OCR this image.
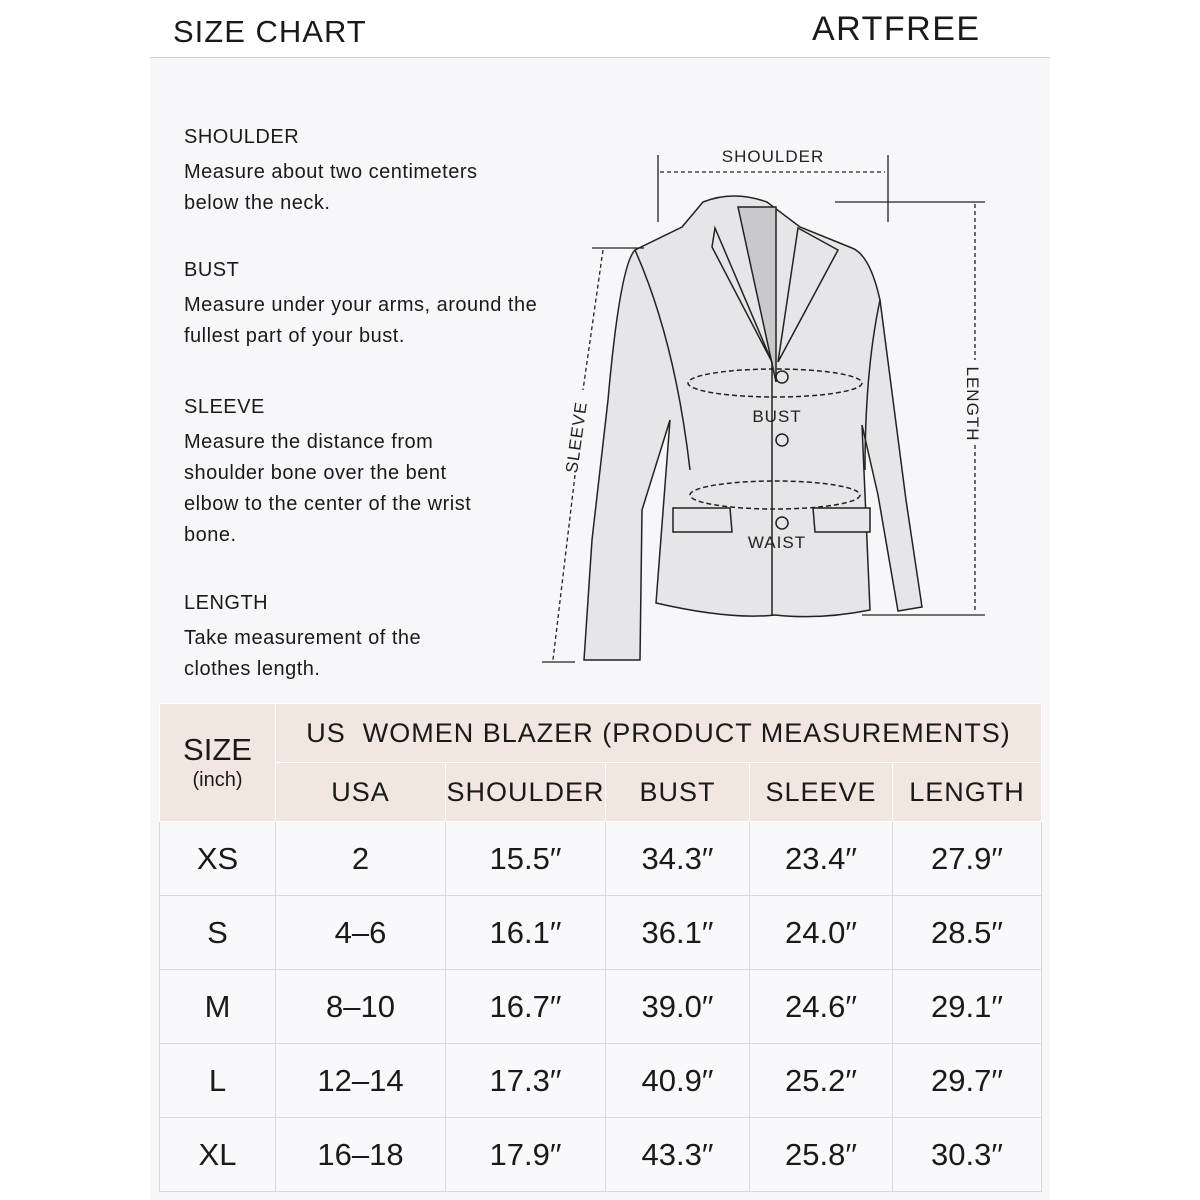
SIZE CHART	ARTFREE
SHOULDER

Measure about two centimeters below the neck.

BUST

Measure under your arms, around the fullest part of your bust.

SLEEVE

Measure the distance from shoulder bone over the bent elbow to the center of the wrist bone.

LENGTH

Take measurement of the clothes length.

SHOULDER
SLEEVE	LENGTH
BUST
WAIST
SIZE
(inch)	US  WOMEN BLAZER (PRODUCT MEASUREMENTS)				
	USA	SHOULDER	BUST	SLEEVE	LENGTH
XS	2	15.5′′	34.3′′	23.4′′	27.9′′
S	4–6	16.1′′	36.1′′	24.0′′	28.5′′
M	8–10	16.7′′	39.0′′	24.6′′	29.1′′
L	12–14	17.3′′	40.9′′	25.2′′	29.7′′
XL	16–18	17.9′′	43.3′′	25.8′′	30.3′′
